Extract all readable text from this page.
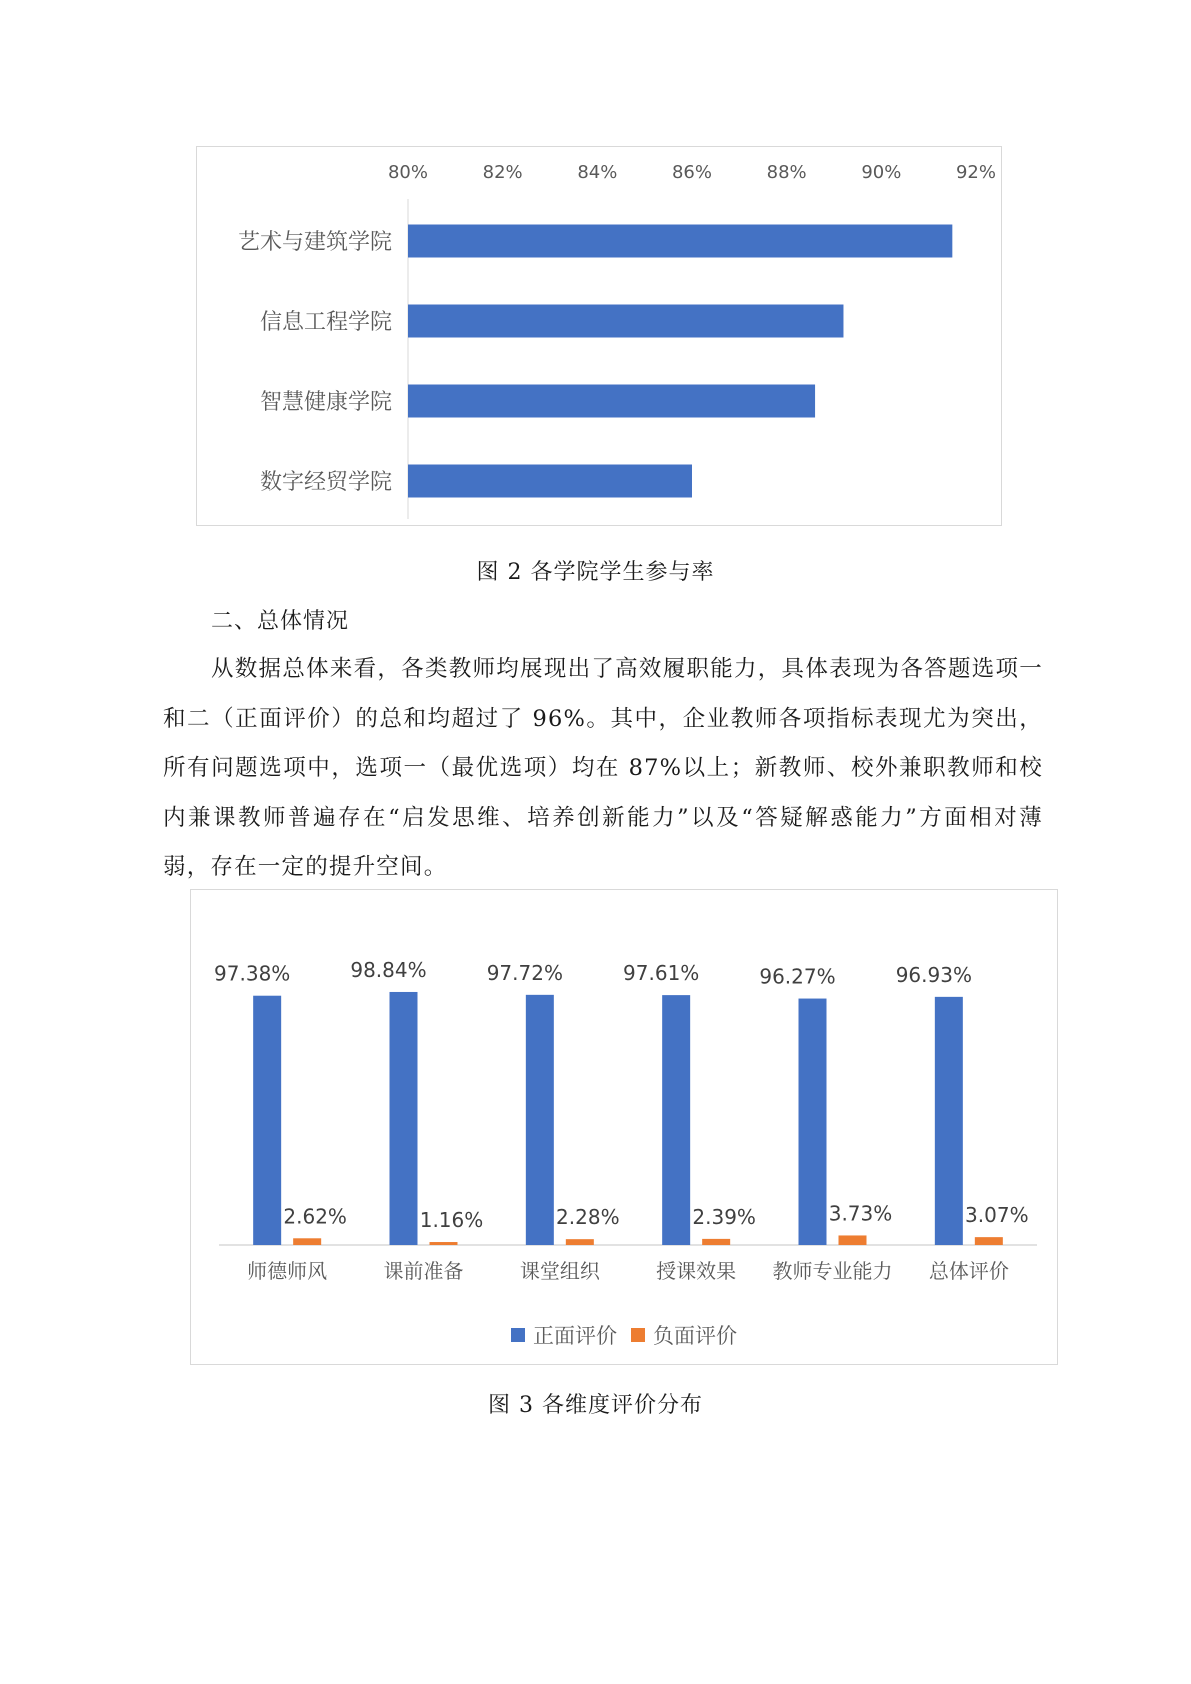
80%	82%	84%	86%	88%	90%	92%
艺术与建筑学院
信息工程学院
智慧健康学院
数字经贸学院
图 2 各学院学生参与率
二、总体情况
从数据总体来看，各类教师均展现出了高效履职能力，具体表现为各答题选项一和二（正面评价）的总和均超过了 96%。其中，企业教师各项指标表现尤为突出，所有问题选项中，选项一（最优选项）均在 87%以上；新教师、校外兼职教师和校内兼课教师普遍存在“启发思维、培养创新能力”以及“答疑解惑能力”方面相对薄弱，存在一定的提升空间。
97.38%
2.62%
师德师风
98.84%
1.16%
课前准备
97.72%
2.28%
课堂组织
97.61%
2.39%
授课效果
96.27%
3.73%
教师专业能力
96.93%
3.07%
总体评价
正面评价 负面评价
图 3 各维度评价分布
